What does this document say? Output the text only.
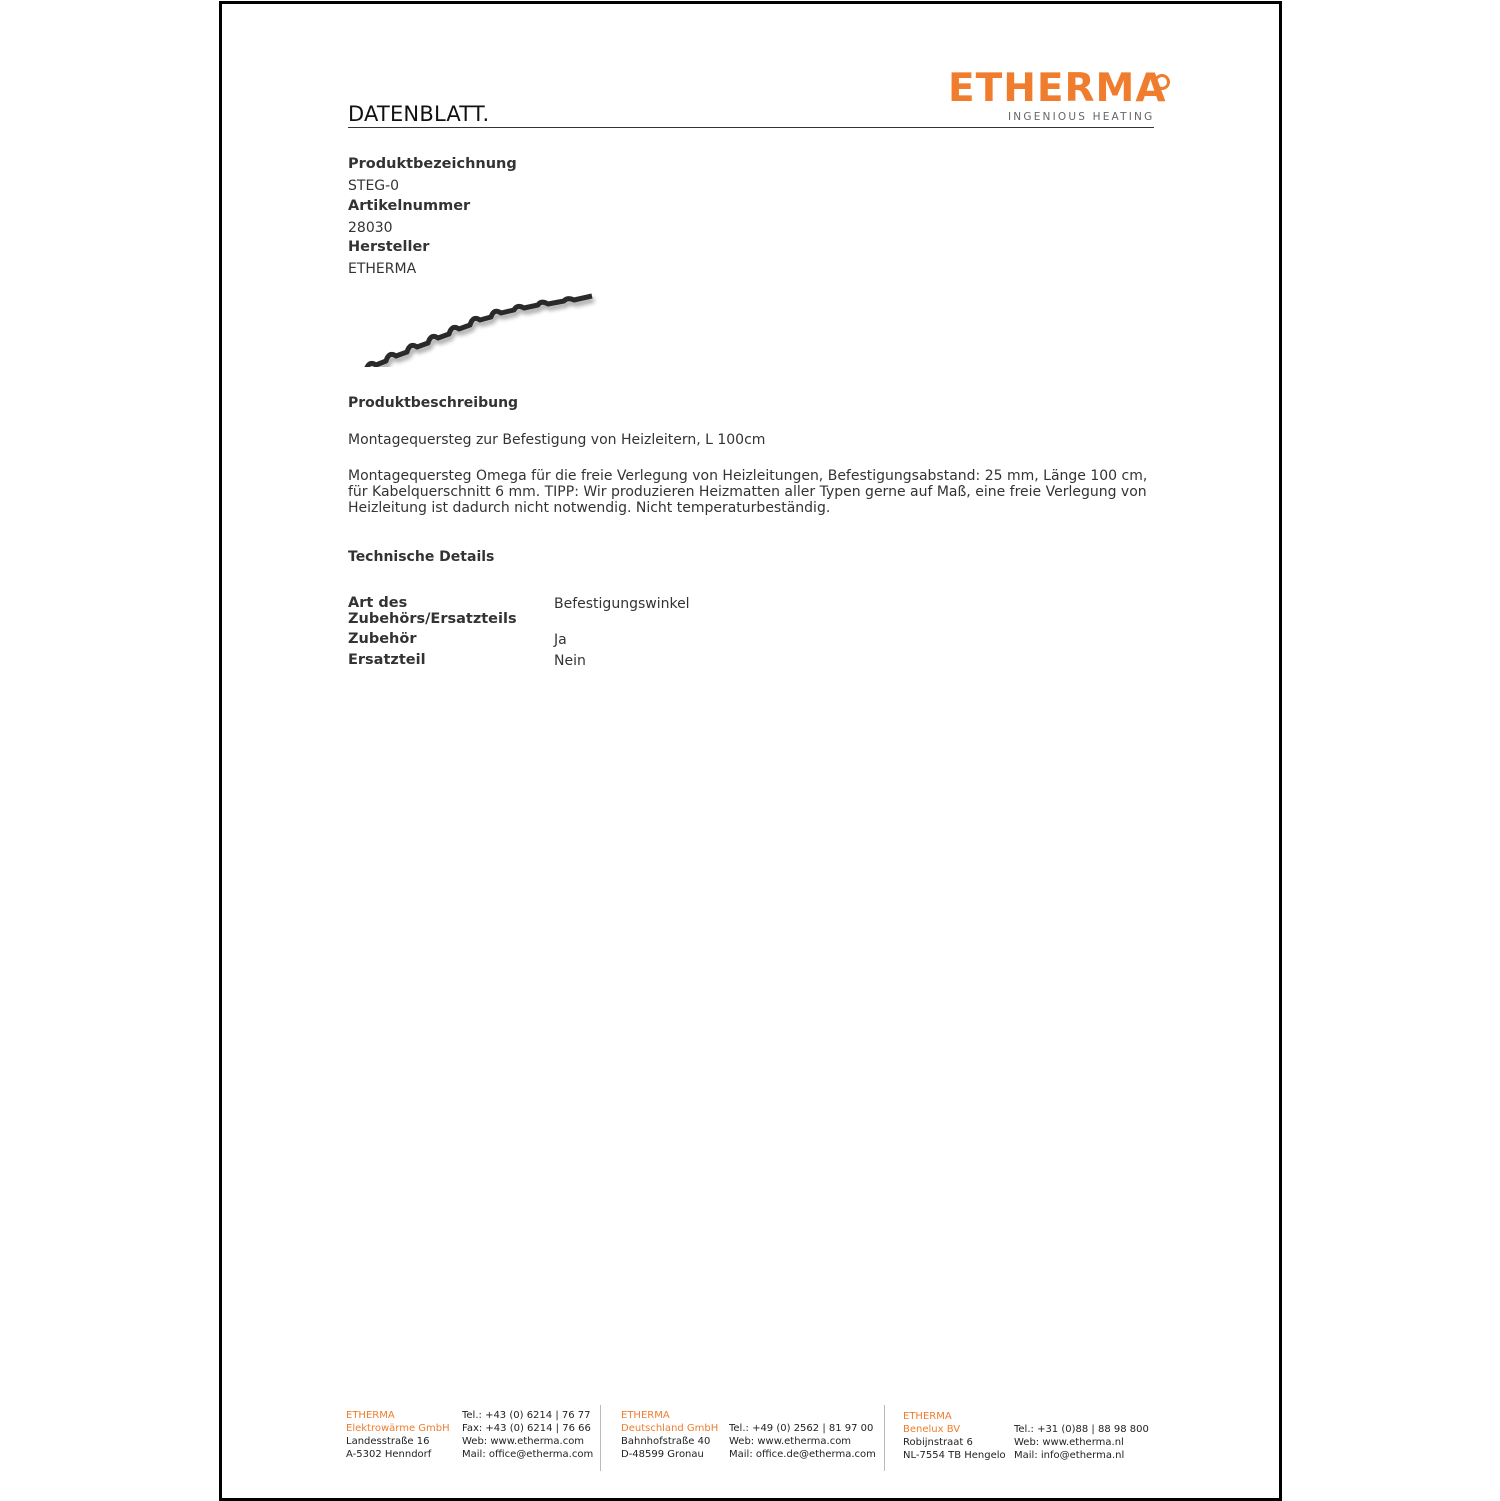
DATENBLATT.
ETHERMA
INGENIOUS HEATING
Produktbezeichnung
STEG-0
Artikelnummer
28030
Hersteller
ETHERMA
Produktbeschreibung
Montagequersteg zur Befestigung von Heizleitern, L 100cm
Montagequersteg Omega für die freie Verlegung von Heizleitungen, Befestigungsabstand: 25 mm, Länge 100 cm, für Kabelquerschnitt 6 mm. TIPP: Wir produzieren Heizmatten aller Typen gerne auf Maß, eine freie Verlegung von Heizleitung ist dadurch nicht notwendig. Nicht temperaturbeständig.
Technische Details
Art des Zubehörs/Ersatzteils
Befestigungswinkel
Zubehör	Ja
Ersatzteil	Nein
ETHERMA
Elektrowärme GmbH
Landesstraße 16
A-5302 Henndorf
Tel.: +43 (0) 6214 | 76 77
Fax: +43 (0) 6214 | 76 66
Web: www.etherma.com
Mail: office@etherma.com
ETHERMA
Deutschland GmbH
Bahnhofstraße 40
D-48599 Gronau
Tel.: +49 (0) 2562 | 81 97 00
Web: www.etherma.com
Mail: office.de@etherma.com
ETHERMA
Benelux BV
Robijnstraat 6
NL-7554 TB Hengelo
Tel.: +31 (0)88 | 88 98 800
Web: www.etherma.nl
Mail: info@etherma.nl
